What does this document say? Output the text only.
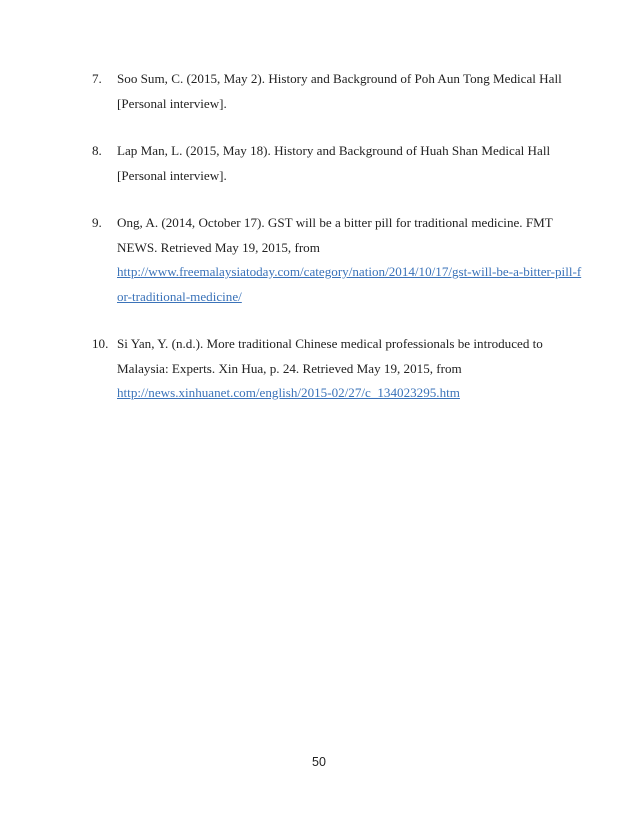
7. Soo Sum, C. (2015, May 2). History and Background of Poh Aun Tong Medical Hall
[Personal interview].
8. Lap Man, L. (2015, May 18). History and Background of Huah Shan Medical Hall
[Personal interview].
9. Ong, A. (2014, October 17). GST will be a bitter pill for traditional medicine. FMT
NEWS. Retrieved May 19, 2015, from
http://www.freemalaysiatoday.com/category/nation/2014/10/17/gst-will-be-a-bitter-pill-f
or-traditional-medicine/
10. Si Yan, Y. (n.d.). More traditional Chinese medical professionals be introduced to
Malaysia: Experts. Xin Hua, p. 24. Retrieved May 19, 2015, from
http://news.xinhuanet.com/english/2015-02/27/c_134023295.htm
50
